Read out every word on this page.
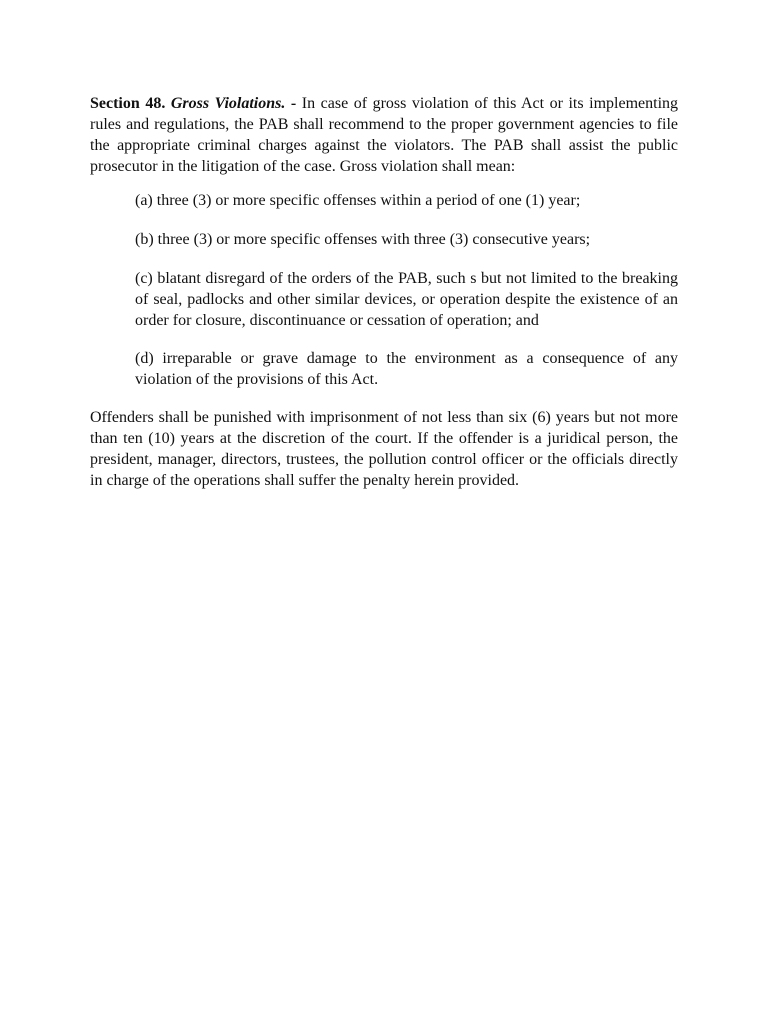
Section 48. Gross Violations. - In case of gross violation of this Act or its implementing rules and regulations, the PAB shall recommend to the proper government agencies to file the appropriate criminal charges against the violators. The PAB shall assist the public prosecutor in the litigation of the case. Gross violation shall mean:

(a) three (3) or more specific offenses within a period of one (1) year;

(b) three (3) or more specific offenses with three (3) consecutive years;

(c) blatant disregard of the orders of the PAB, such s but not limited to the breaking of seal, padlocks and other similar devices, or operation despite the existence of an order for closure, discontinuance or cessation of operation; and

(d) irreparable or grave damage to the environment as a consequence of any violation of the provisions of this Act.

Offenders shall be punished with imprisonment of not less than six (6) years but not more than ten (10) years at the discretion of the court. If the offender is a juridical person, the president, manager, directors, trustees, the pollution control officer or the officials directly in charge of the operations shall suffer the penalty herein provided.
